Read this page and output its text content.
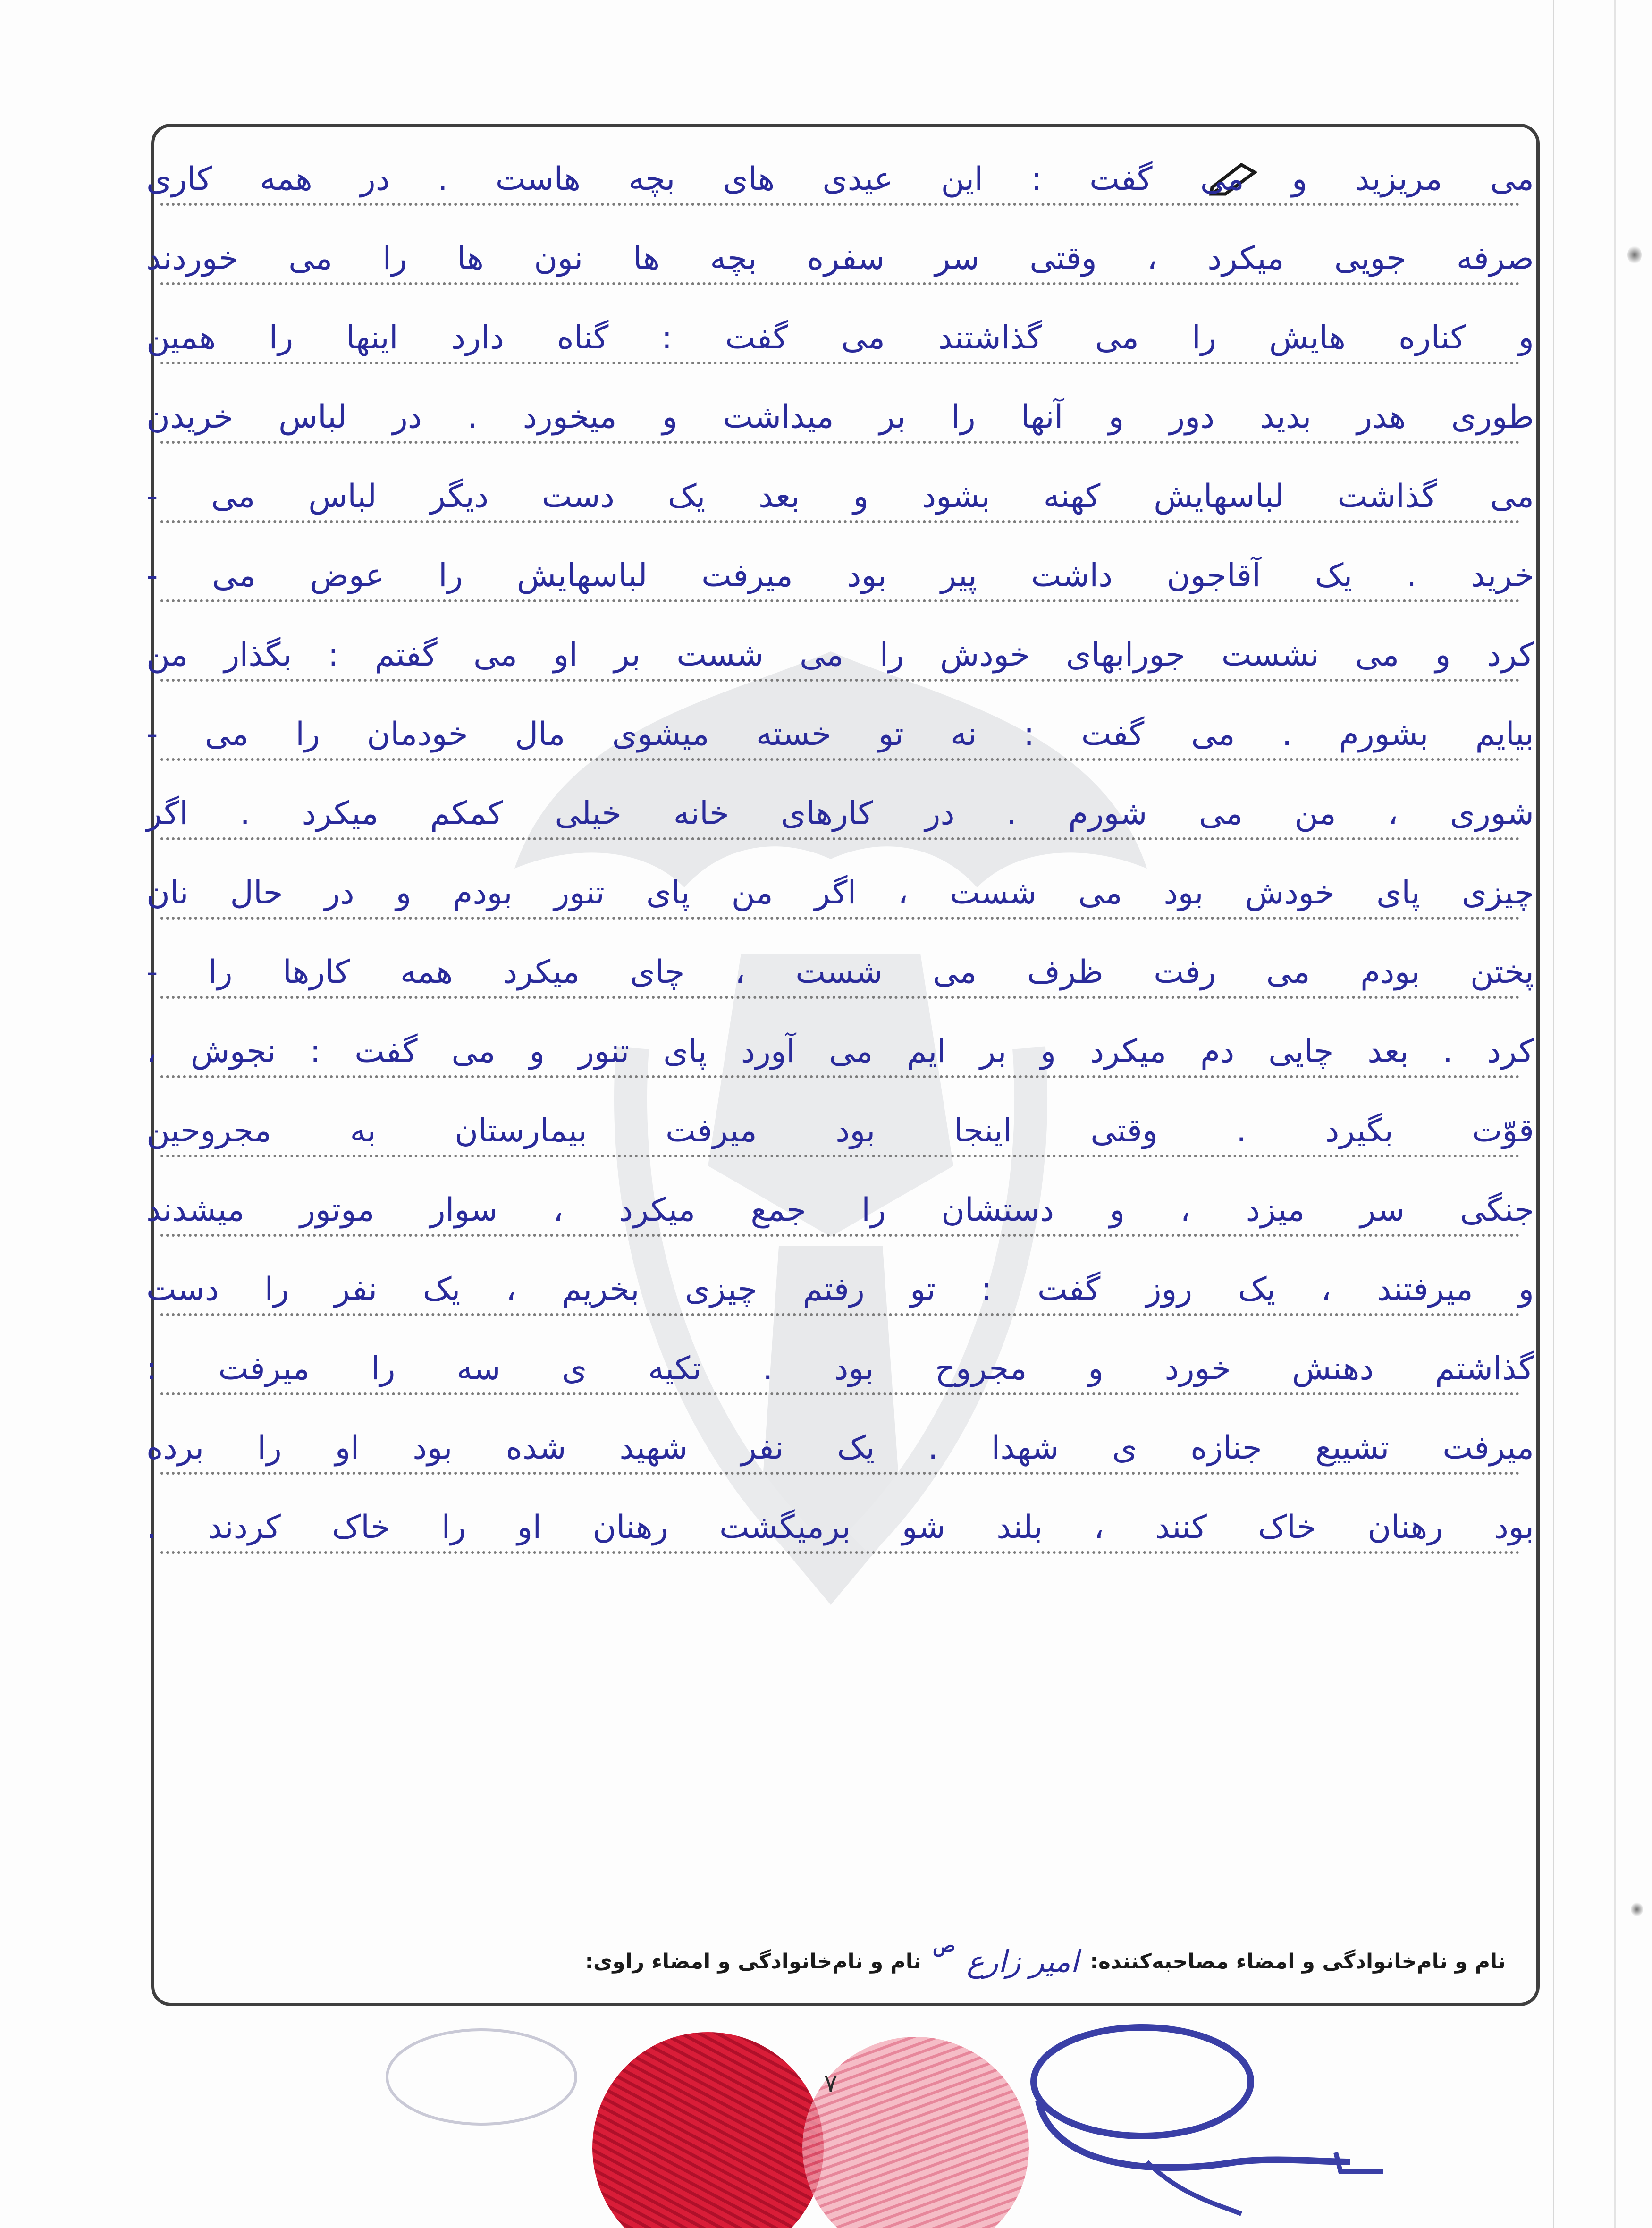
می مریزید و می گفت : این عیدی های بچه هاست . در همه کاری
صرفه جویی میکرد ، وقتی سر سفره بچه ها نون ها را می خوردند
و کناره هایش را می گذاشتند می گفت : گناه دارد اینها را همین
طوری هدر بدید دور و آنها را بر میداشت و میخورد . در لباس خریدن
می گذاشت لباسهایش کهنه بشود و بعد یک دست دیگر لباس می -
خرید . یک آقاجون داشت پیر بود میرفت لباسهایش را عوض می -
کرد و می نشست جورابهای خودش را می شست بر او می گفتم : بگذار من
بیایم بشورم . می گفت : نه تو خسته میشوی مال خودمان را می -
شوری ، من می شورم . در کارهای خانه خیلی کمکم میکرد . اگر
چیزی پای خودش بود می شست ، اگر من پای تنور بودم و در حال نان
پختن بودم می رفت ظرف می شست ، چای میکرد همه کارها را -
کرد . بعد چایی دم میکرد و بر ایم می آورد پای تنور و می گفت : نجوش ،
قوّت بگیرد . وقتی اینجا بود میرفت بیمارستان به مجروحین
جنگی سر میزد ، و دستشان را جمع میکرد ، سوار موتور میشدند
و میرفتند ، یک روز گفت : تو رفتم چیزی بخریم ، یک نفر را دست
گذاشتم دهنش خورد و مجروح بود . تکیه ی سه را میرفت :
میرفت تشییع جنازه ی شهدا . یک نفر شهید شده بود او را برده
بود رهنان خاک کنند ، بلند شو برمیگشت رهنان او را خاک کردند .
نام و نام‌خانوادگی و امضاء مصاحبه‌کننده:
امیر زارع
ص
نام و نام‌خانوادگی و امضاء راوی:
۷
